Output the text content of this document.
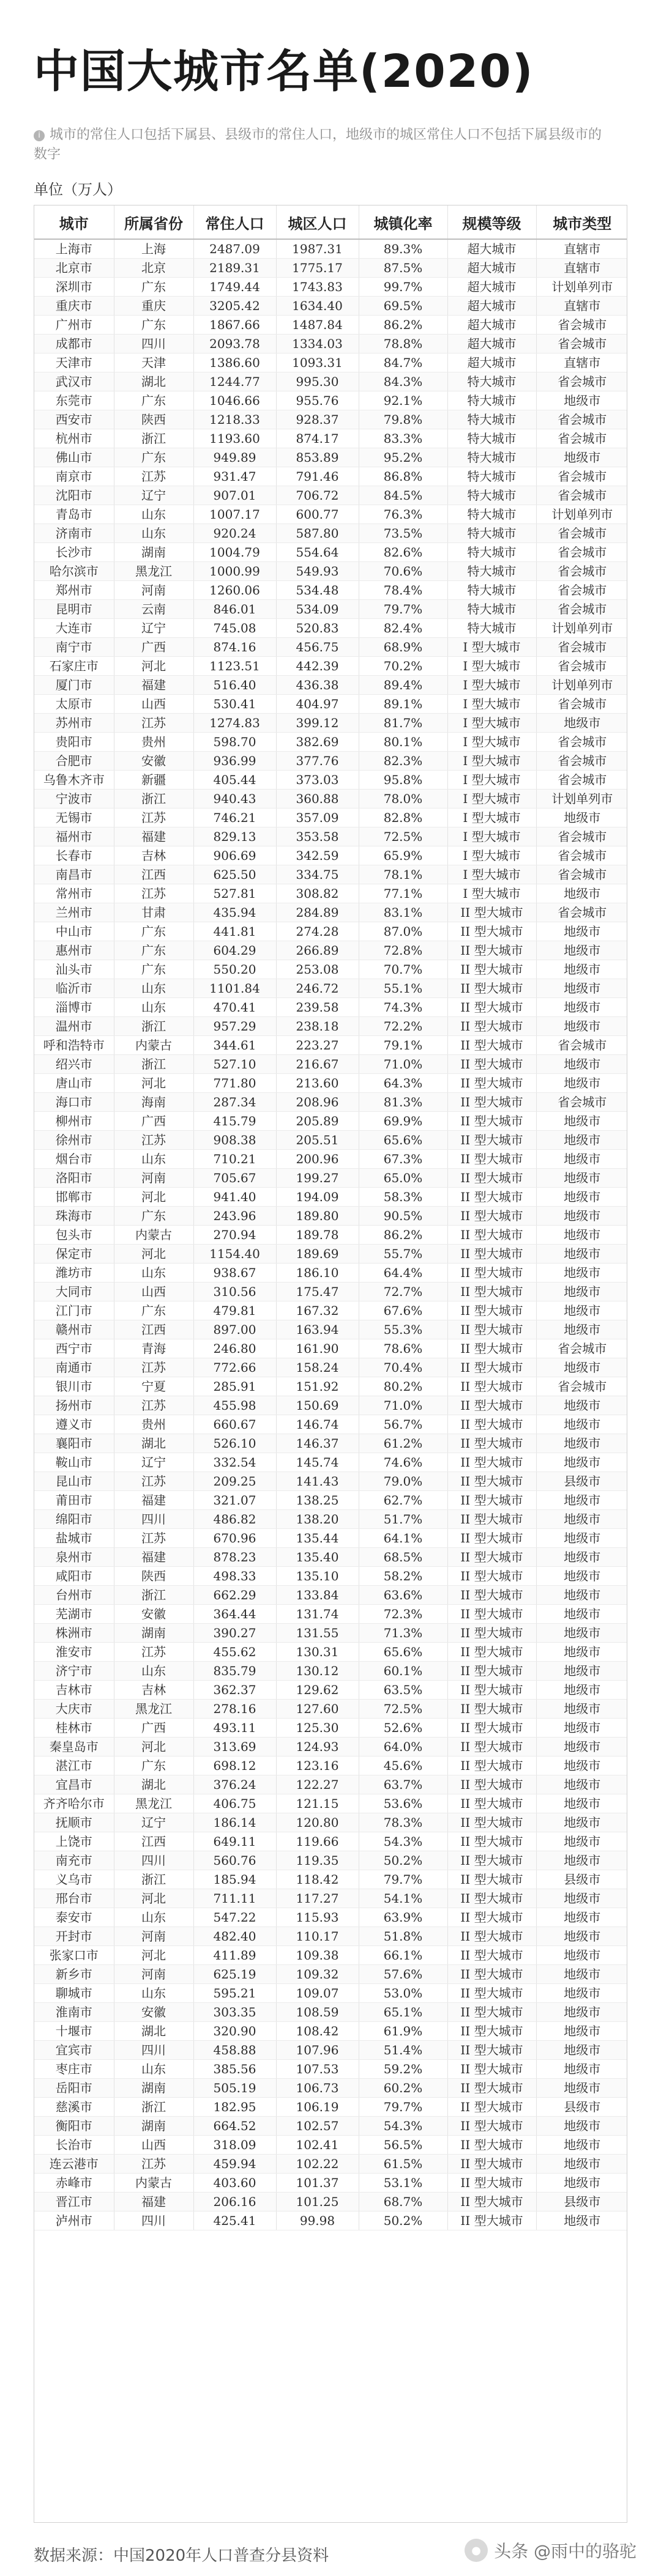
中国大城市名单(2020)
i 城市的常住人口包括下属县、县级市的常住人口，地级市的城区常住人口不包括下属县级市的数字
单位（万人）
城市	所属省份	常住人口	城区人口	城镇化率	规模等级	城市类型
上海市	上海	2487.09	1987.31	89.3%	超大城市	直辖市
北京市	北京	2189.31	1775.17	87.5%	超大城市	直辖市
深圳市	广东	1749.44	1743.83	99.7%	超大城市	计划单列市
重庆市	重庆	3205.42	1634.40	69.5%	超大城市	直辖市
广州市	广东	1867.66	1487.84	86.2%	超大城市	省会城市
成都市	四川	2093.78	1334.03	78.8%	超大城市	省会城市
天津市	天津	1386.60	1093.31	84.7%	超大城市	直辖市
武汉市	湖北	1244.77	995.30	84.3%	特大城市	省会城市
东莞市	广东	1046.66	955.76	92.1%	特大城市	地级市
西安市	陕西	1218.33	928.37	79.8%	特大城市	省会城市
杭州市	浙江	1193.60	874.17	83.3%	特大城市	省会城市
佛山市	广东	949.89	853.89	95.2%	特大城市	地级市
南京市	江苏	931.47	791.46	86.8%	特大城市	省会城市
沈阳市	辽宁	907.01	706.72	84.5%	特大城市	省会城市
青岛市	山东	1007.17	600.77	76.3%	特大城市	计划单列市
济南市	山东	920.24	587.80	73.5%	特大城市	省会城市
长沙市	湖南	1004.79	554.64	82.6%	特大城市	省会城市
哈尔滨市	黑龙江	1000.99	549.93	70.6%	特大城市	省会城市
郑州市	河南	1260.06	534.48	78.4%	特大城市	省会城市
昆明市	云南	846.01	534.09	79.7%	特大城市	省会城市
大连市	辽宁	745.08	520.83	82.4%	特大城市	计划单列市
南宁市	广西	874.16	456.75	68.9%	I 型大城市	省会城市
石家庄市	河北	1123.51	442.39	70.2%	I 型大城市	省会城市
厦门市	福建	516.40	436.38	89.4%	I 型大城市	计划单列市
太原市	山西	530.41	404.97	89.1%	I 型大城市	省会城市
苏州市	江苏	1274.83	399.12	81.7%	I 型大城市	地级市
贵阳市	贵州	598.70	382.69	80.1%	I 型大城市	省会城市
合肥市	安徽	936.99	377.76	82.3%	I 型大城市	省会城市
乌鲁木齐市	新疆	405.44	373.03	95.8%	I 型大城市	省会城市
宁波市	浙江	940.43	360.88	78.0%	I 型大城市	计划单列市
无锡市	江苏	746.21	357.09	82.8%	I 型大城市	地级市
福州市	福建	829.13	353.58	72.5%	I 型大城市	省会城市
长春市	吉林	906.69	342.59	65.9%	I 型大城市	省会城市
南昌市	江西	625.50	334.75	78.1%	I 型大城市	省会城市
常州市	江苏	527.81	308.82	77.1%	I 型大城市	地级市
兰州市	甘肃	435.94	284.89	83.1%	II 型大城市	省会城市
中山市	广东	441.81	274.28	87.0%	II 型大城市	地级市
惠州市	广东	604.29	266.89	72.8%	II 型大城市	地级市
汕头市	广东	550.20	253.08	70.7%	II 型大城市	地级市
临沂市	山东	1101.84	246.72	55.1%	II 型大城市	地级市
淄博市	山东	470.41	239.58	74.3%	II 型大城市	地级市
温州市	浙江	957.29	238.18	72.2%	II 型大城市	地级市
呼和浩特市	内蒙古	344.61	223.27	79.1%	II 型大城市	省会城市
绍兴市	浙江	527.10	216.67	71.0%	II 型大城市	地级市
唐山市	河北	771.80	213.60	64.3%	II 型大城市	地级市
海口市	海南	287.34	208.96	81.3%	II 型大城市	省会城市
柳州市	广西	415.79	205.89	69.9%	II 型大城市	地级市
徐州市	江苏	908.38	205.51	65.6%	II 型大城市	地级市
烟台市	山东	710.21	200.96	67.3%	II 型大城市	地级市
洛阳市	河南	705.67	199.27	65.0%	II 型大城市	地级市
邯郸市	河北	941.40	194.09	58.3%	II 型大城市	地级市
珠海市	广东	243.96	189.80	90.5%	II 型大城市	地级市
包头市	内蒙古	270.94	189.78	86.2%	II 型大城市	地级市
保定市	河北	1154.40	189.69	55.7%	II 型大城市	地级市
潍坊市	山东	938.67	186.10	64.4%	II 型大城市	地级市
大同市	山西	310.56	175.47	72.7%	II 型大城市	地级市
江门市	广东	479.81	167.32	67.6%	II 型大城市	地级市
赣州市	江西	897.00	163.94	55.3%	II 型大城市	地级市
西宁市	青海	246.80	161.90	78.6%	II 型大城市	省会城市
南通市	江苏	772.66	158.24	70.4%	II 型大城市	地级市
银川市	宁夏	285.91	151.92	80.2%	II 型大城市	省会城市
扬州市	江苏	455.98	150.69	71.0%	II 型大城市	地级市
遵义市	贵州	660.67	146.74	56.7%	II 型大城市	地级市
襄阳市	湖北	526.10	146.37	61.2%	II 型大城市	地级市
鞍山市	辽宁	332.54	145.74	74.6%	II 型大城市	地级市
昆山市	江苏	209.25	141.43	79.0%	II 型大城市	县级市
莆田市	福建	321.07	138.25	62.7%	II 型大城市	地级市
绵阳市	四川	486.82	138.20	51.7%	II 型大城市	地级市
盐城市	江苏	670.96	135.44	64.1%	II 型大城市	地级市
泉州市	福建	878.23	135.40	68.5%	II 型大城市	地级市
咸阳市	陕西	498.33	135.10	58.2%	II 型大城市	地级市
台州市	浙江	662.29	133.84	63.6%	II 型大城市	地级市
芜湖市	安徽	364.44	131.74	72.3%	II 型大城市	地级市
株洲市	湖南	390.27	131.55	71.3%	II 型大城市	地级市
淮安市	江苏	455.62	130.31	65.6%	II 型大城市	地级市
济宁市	山东	835.79	130.12	60.1%	II 型大城市	地级市
吉林市	吉林	362.37	129.62	63.5%	II 型大城市	地级市
大庆市	黑龙江	278.16	127.60	72.5%	II 型大城市	地级市
桂林市	广西	493.11	125.30	52.6%	II 型大城市	地级市
秦皇岛市	河北	313.69	124.93	64.0%	II 型大城市	地级市
湛江市	广东	698.12	123.16	45.6%	II 型大城市	地级市
宜昌市	湖北	376.24	122.27	63.7%	II 型大城市	地级市
齐齐哈尔市	黑龙江	406.75	121.15	53.6%	II 型大城市	地级市
抚顺市	辽宁	186.14	120.80	78.3%	II 型大城市	地级市
上饶市	江西	649.11	119.66	54.3%	II 型大城市	地级市
南充市	四川	560.76	119.35	50.2%	II 型大城市	地级市
义乌市	浙江	185.94	118.42	79.7%	II 型大城市	县级市
邢台市	河北	711.11	117.27	54.1%	II 型大城市	地级市
泰安市	山东	547.22	115.93	63.9%	II 型大城市	地级市
开封市	河南	482.40	110.17	51.8%	II 型大城市	地级市
张家口市	河北	411.89	109.38	66.1%	II 型大城市	地级市
新乡市	河南	625.19	109.32	57.6%	II 型大城市	地级市
聊城市	山东	595.21	109.07	53.0%	II 型大城市	地级市
淮南市	安徽	303.35	108.59	65.1%	II 型大城市	地级市
十堰市	湖北	320.90	108.42	61.9%	II 型大城市	地级市
宜宾市	四川	458.88	107.96	51.4%	II 型大城市	地级市
枣庄市	山东	385.56	107.53	59.2%	II 型大城市	地级市
岳阳市	湖南	505.19	106.73	60.2%	II 型大城市	地级市
慈溪市	浙江	182.95	106.19	79.7%	II 型大城市	县级市
衡阳市	湖南	664.52	102.57	54.3%	II 型大城市	地级市
长治市	山西	318.09	102.41	56.5%	II 型大城市	地级市
连云港市	江苏	459.94	102.22	61.5%	II 型大城市	地级市
赤峰市	内蒙古	403.60	101.37	53.1%	II 型大城市	地级市
晋江市	福建	206.16	101.25	68.7%	II 型大城市	县级市
泸州市	四川	425.41	99.98	50.2%	II 型大城市	地级市
数据来源：中国2020年人口普查分县资料	● 头条 @雨中的骆驼
